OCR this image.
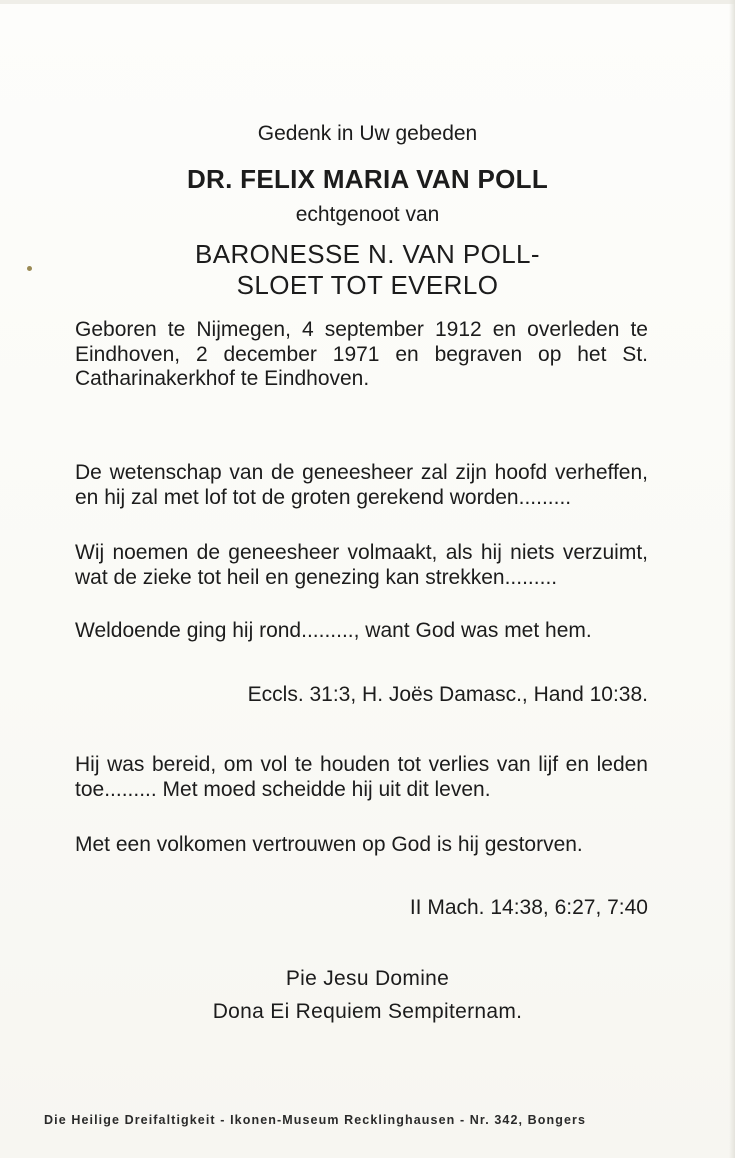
Gedenk in Uw gebeden
DR. FELIX MARIA VAN POLL
echtgenoot van
BARONESSE N. VAN POLL-
SLOET TOT EVERLO

Geboren te Nijmegen, 4 september 1912 en overleden te Eindhoven, 2 december 1971 en begraven op het St. Catharinakerkhof te Eindhoven.

De wetenschap van de geneesheer zal zijn hoofd verheffen, en hij zal met lof tot de groten gerekend worden.........

Wij noemen de geneesheer volmaakt, als hij niets verzuimt, wat de zieke tot heil en genezing kan strekken.........

Weldoende ging hij rond........., want God was met hem.

Eccls. 31:3, H. Joës Damasc., Hand 10:38.

Hij was bereid, om vol te houden tot verlies van lijf en leden toe......... Met moed scheidde hij uit dit leven.

Met een volkomen vertrouwen op God is hij gestorven.

II Mach. 14:38, 6:27, 7:40
Pie Jesu Domine
Dona Ei Requiem Sempiternam.
Die Heilige Dreifaltigkeit - Ikonen-Museum Recklinghausen - Nr. 342, Bongers
